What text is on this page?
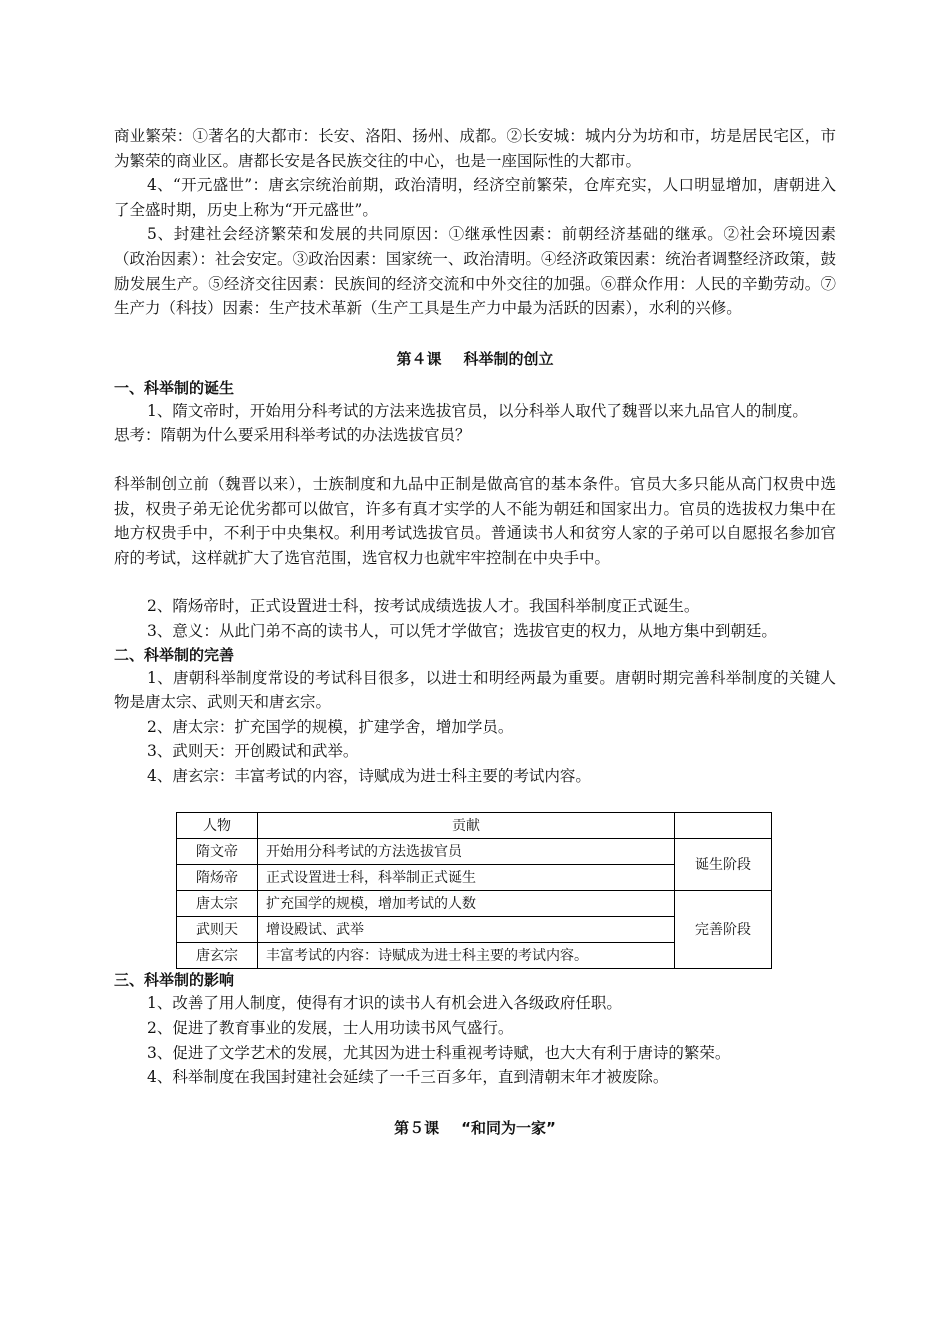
商业繁荣：①著名的大都市：长安、洛阳、扬州、成都。②长安城：城内分为坊和市，坊是居民宅区，市为繁荣的商业区。唐都长安是各民族交往的中心，也是一座国际性的大都市。

4、“开元盛世”：唐玄宗统治前期，政治清明，经济空前繁荣，仓库充实，人口明显增加，唐朝进入了全盛时期，历史上称为“开元盛世”。

5、封建社会经济繁荣和发展的共同原因：①继承性因素：前朝经济基础的继承。②社会环境因素（政治因素）：社会安定。③政治因素：国家统一、政治清明。④经济政策因素：统治者调整经济政策，鼓励发展生产。⑤经济交往因素：民族间的经济交流和中外交往的加强。⑥群众作用：人民的辛勤劳动。⑦生产力（科技）因素：生产技术革新（生产工具是生产力中最为活跃的因素），水利的兴修。

第４课 科举制的创立

一、科举制的诞生

1、隋文帝时，开始用分科考试的方法来选拔官员，以分科举人取代了魏晋以来九品官人的制度。

思考：隋朝为什么要采用科举考试的办法选拔官员？

科举制创立前（魏晋以来），士族制度和九品中正制是做高官的基本条件。官员大多只能从高门权贵中选拔，权贵子弟无论优劣都可以做官，许多有真才实学的人不能为朝廷和国家出力。官员的选拔权力集中在地方权贵手中，不利于中央集权。利用考试选拔官员。普通读书人和贫穷人家的子弟可以自愿报名参加官府的考试，这样就扩大了选官范围，选官权力也就牢牢控制在中央手中。

2、隋炀帝时，正式设置进士科，按考试成绩选拔人才。我国科举制度正式诞生。

3、意义：从此门弟不高的读书人，可以凭才学做官；选拔官吏的权力，从地方集中到朝廷。

二、科举制的完善

1、唐朝科举制度常设的考试科目很多，以进士和明经两最为重要。唐朝时期完善科举制度的关键人物是唐太宗、武则天和唐玄宗。

2、唐太宗：扩充国学的规模，扩建学舍，增加学员。

3、武则天：开创殿试和武举。

4、唐玄宗：丰富考试的内容，诗赋成为进士科主要的考试内容。

人物	贡献	
隋文帝	开始用分科考试的方法选拔官员	诞生阶段
隋炀帝	正式设置进士科，科举制正式诞生	
唐太宗	扩充国学的规模，增加考试的人数	完善阶段
武则天	增设殿试、武举	
唐玄宗	丰富考试的内容：诗赋成为进士科主要的考试内容。	

三、科举制的影响

1、改善了用人制度，使得有才识的读书人有机会进入各级政府任职。

2、促进了教育事业的发展，士人用功读书风气盛行。

3、促进了文学艺术的发展，尤其因为进士科重视考诗赋，也大大有利于唐诗的繁荣。

4、科举制度在我国封建社会延续了一千三百多年，直到清朝末年才被废除。

第５课 “和同为一家”
